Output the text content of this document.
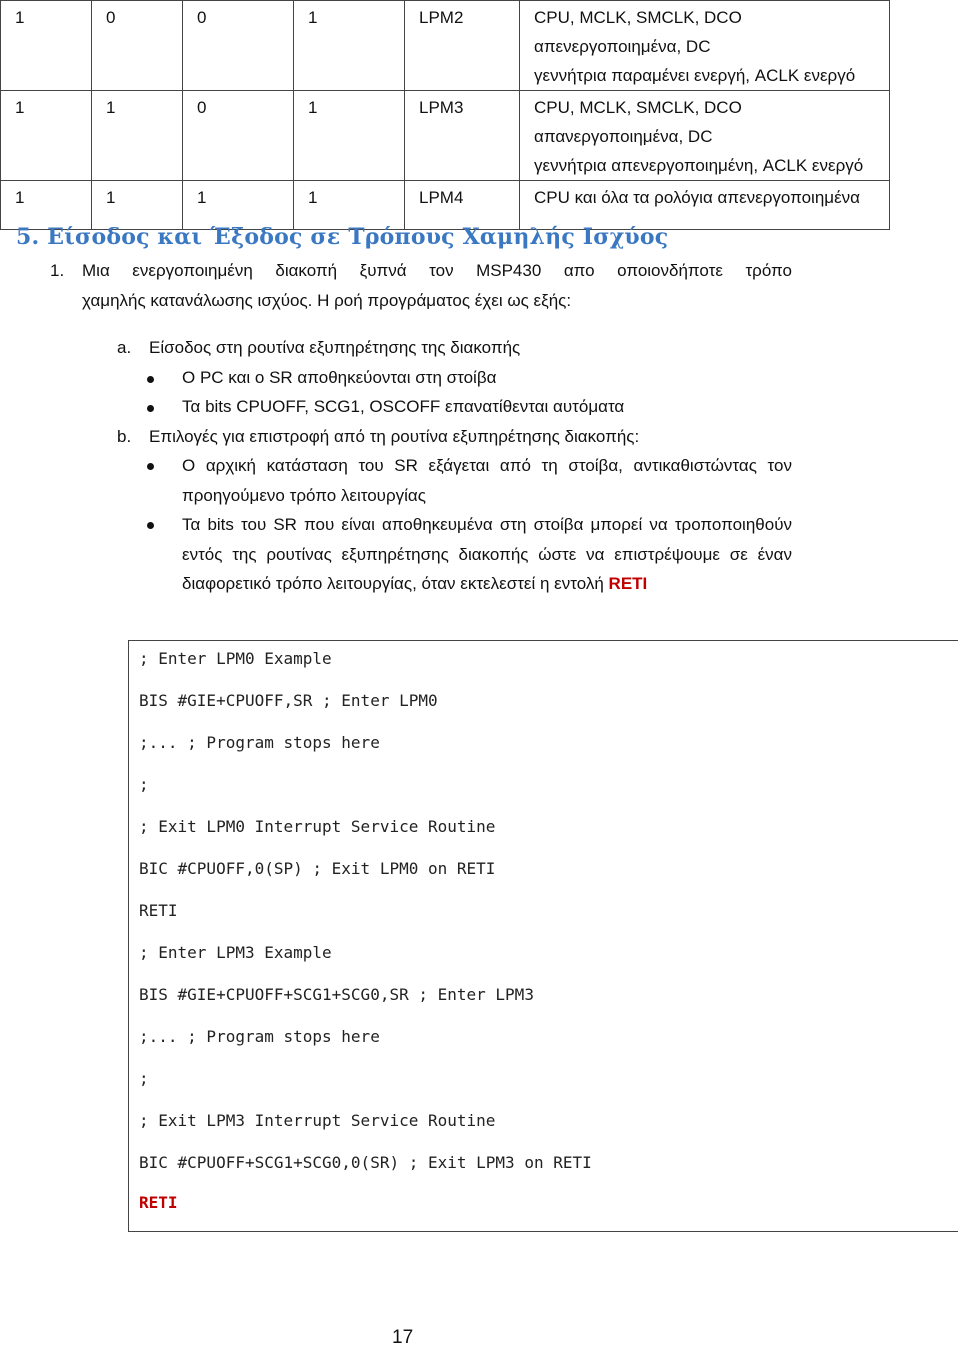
1	0	0	1	LPM2	CPU, MCLK, SMCLK, DCO απενεργοποιημένα, DC
γεννήτρια παραμένει ενεργή, ACLK ενεργό

1	1	0	1	LPM3	CPU, MCLK, SMCLK, DCO απανεργοποιημένα, DC
γεννήτρια απενεργοποιημένη, ACLK ενεργό

1	1	1	1	LPM4	CPU και όλα τα ρολόγια απενεργοποιημένα
5. Είσοδος και Έξοδος σε Τρόπους Χαμηλής Ισχύος
1.	Μια ενεργοποιημένη διακοπή ξυπνά τον MSP430 απο οποιονδήποτε τρόπο
χαμηλής κατανάλωσης ισχύος. Η ροή προγράματος έχει ως εξής:
a. Είσοδος στη ρουτίνα εξυπηρέτησης της διακοπής
Ο PC και ο SR αποθηκεύονται στη στοίβα
Τα bits CPUOFF, SCG1, OSCOFF επανατίθενται αυτόματα
b. Επιλογές για επιστροφή από τη ρουτίνα εξυπηρέτησης διακοπής:
Ο αρχική κατάσταση του SR εξάγεται από τη στοίβα, αντικαθιστώντας τον προηγούμενο τρόπο λειτουργίας
Τα bits του SR που είναι αποθηκευμένα στη στοίβα μπορεί να τροποποιηθούν εντός της ρουτίνας εξυπηρέτησης διακοπής ώστε να επιστρέψουμε σε έναν διαφορετικό τρόπο λειτουργίας, όταν εκτελεστεί η εντολή RETI
; Enter LPM0 Example
BIS #GIE+CPUOFF,SR ; Enter LPM0
;... ; Program stops here
;
; Exit LPM0 Interrupt Service Routine
BIC #CPUOFF,0(SP) ; Exit LPM0 on RETI
RETI
; Enter LPM3 Example
BIS #GIE+CPUOFF+SCG1+SCG0,SR ; Enter LPM3
;... ; Program stops here
;
; Exit LPM3 Interrupt Service Routine
BIC #CPUOFF+SCG1+SCG0,0(SR) ; Exit LPM3 on RETI
RETI
17
